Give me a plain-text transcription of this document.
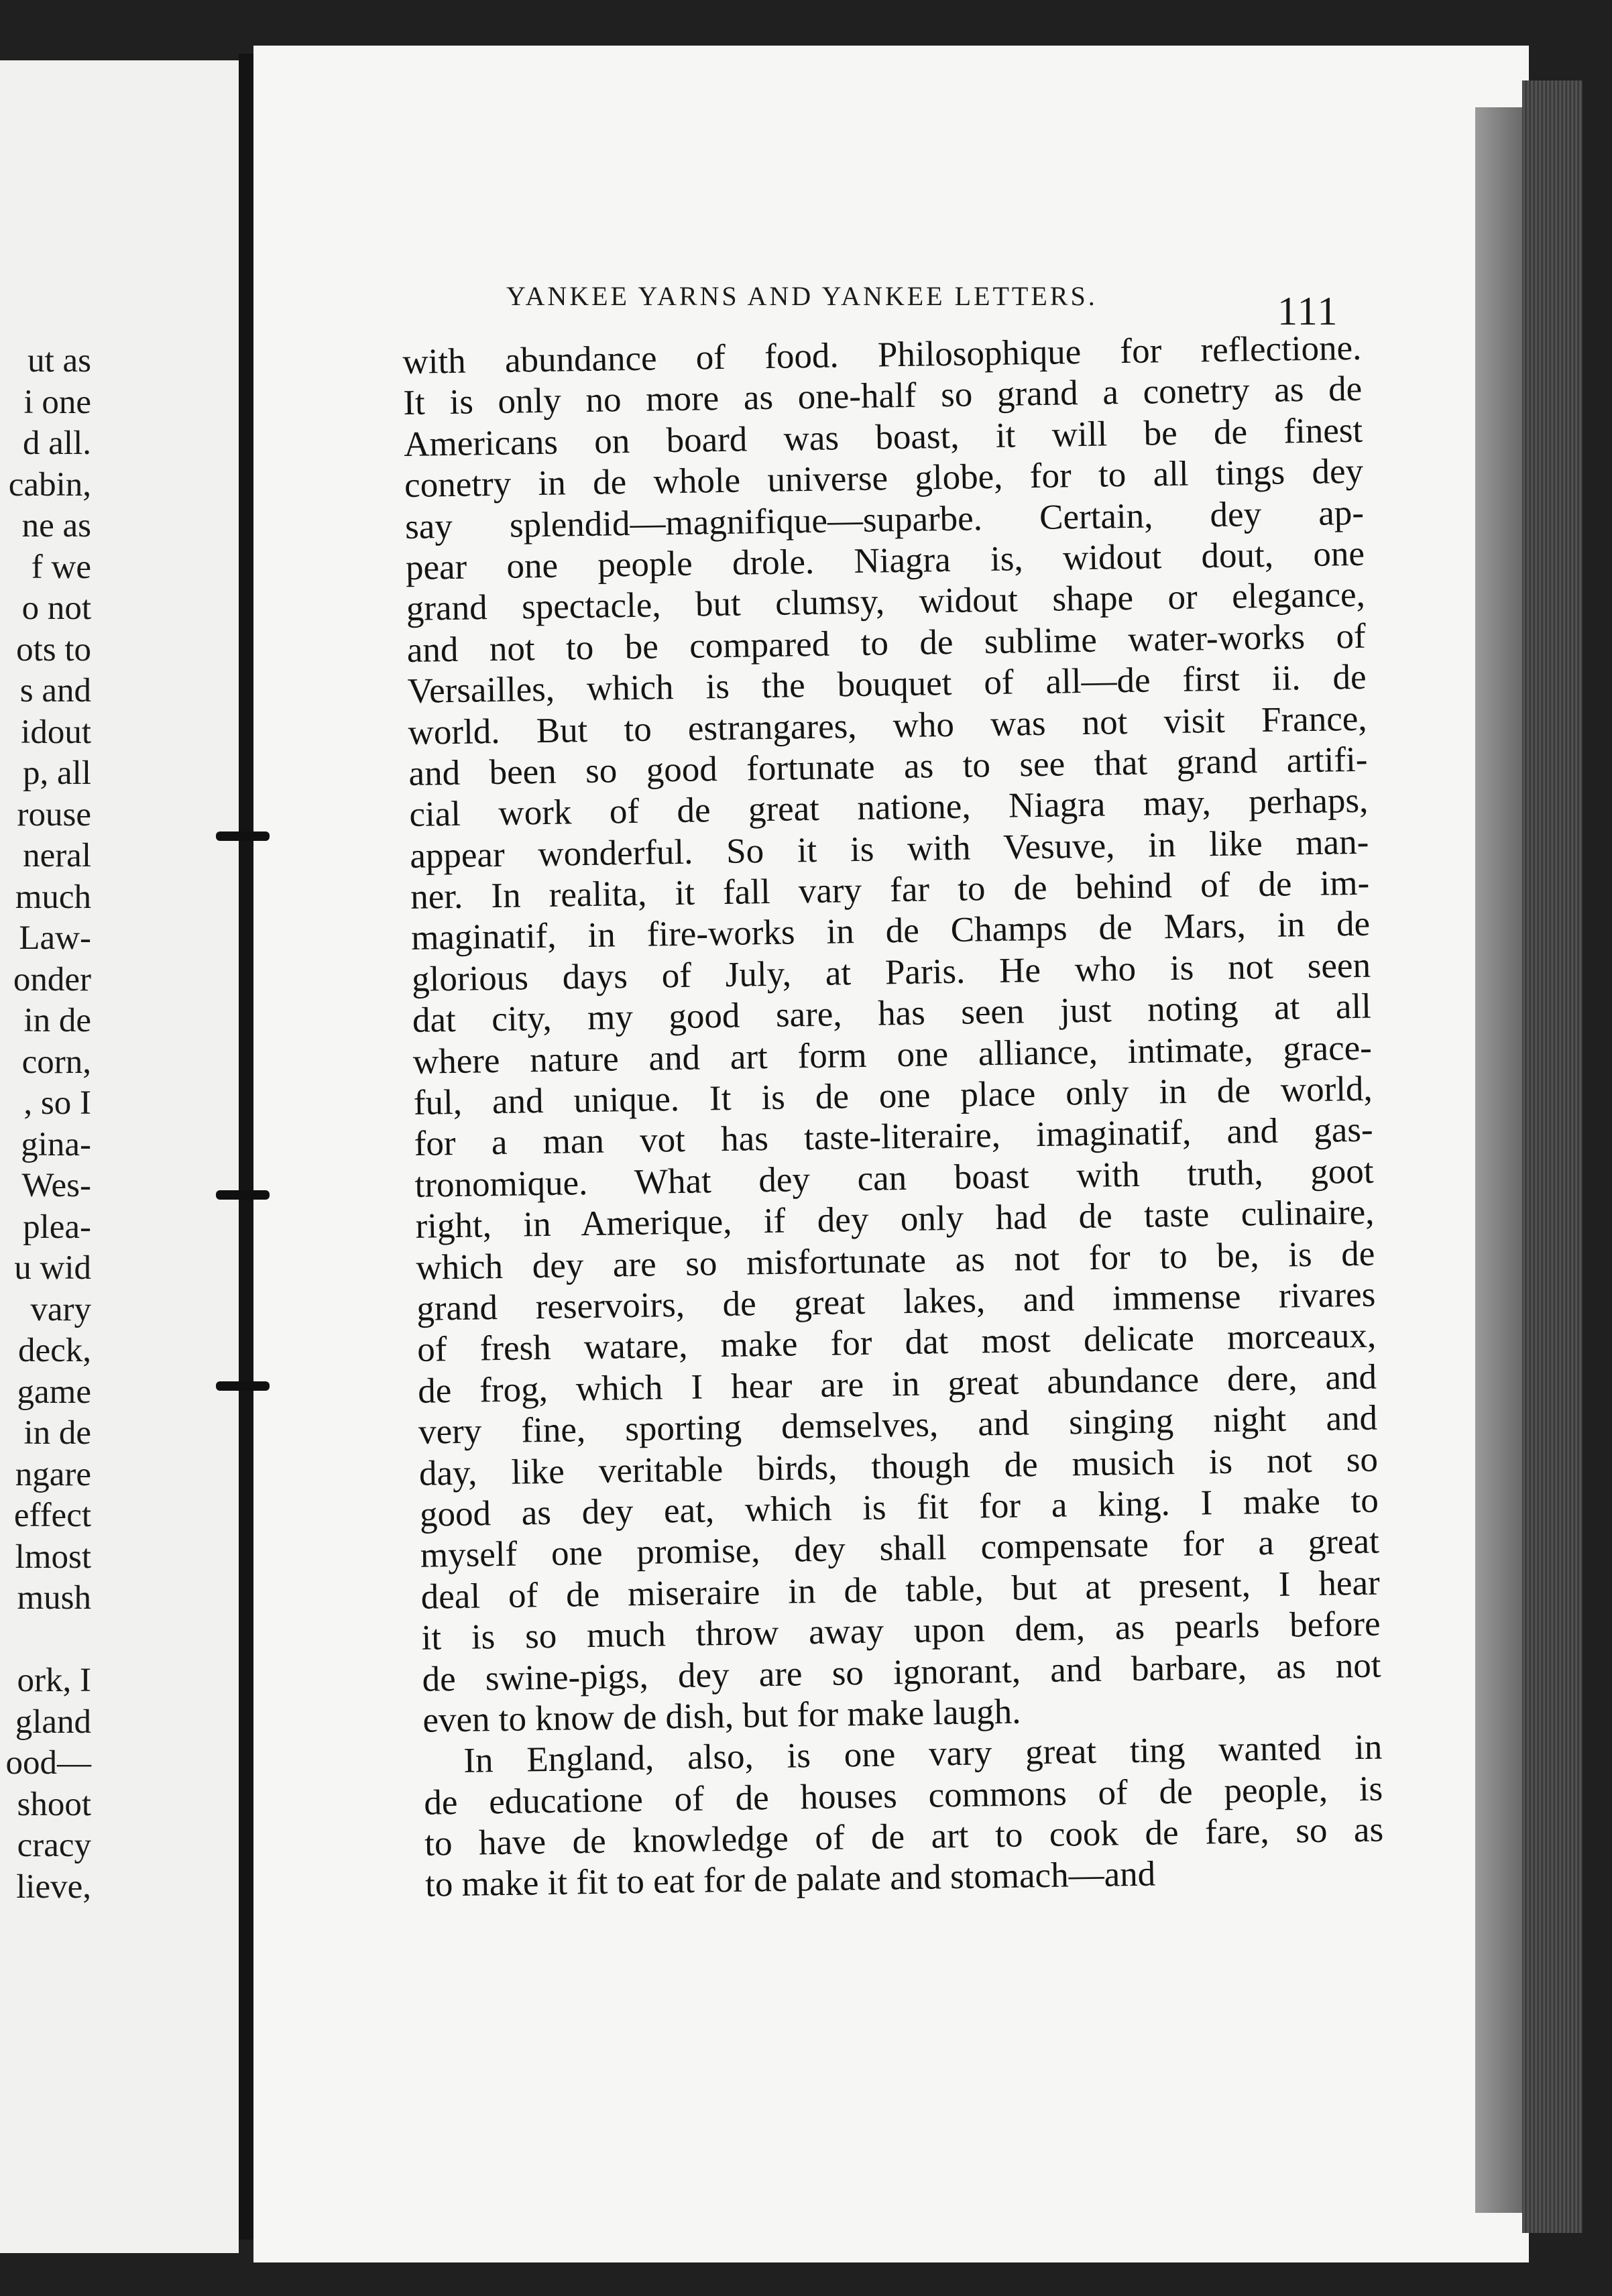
ut as
i one
d all.
cabin,
ne as
f we
o not
ots to
s and
idout
p, all
rouse
neral
much
Law-
onder
in de
corn,
, so I
gina-
Wes-
plea-
u wid
vary
deck,
game
in de
ngare
effect
lmost
mush
ork, I
gland
ood—
shoot
cracy
lieve,
YANKEE YARNS AND YANKEE LETTERS.	111
with abundance of food. Philosophique for reflectione.
It is only no more as one-half so grand a conetry as de
Americans on board was boast, it will be de finest
conetry in de whole universe globe, for to all tings dey
say splendid—magnifique—suparbe. Certain, dey ap-
pear one people drole. Niagra is, widout dout, one
grand spectacle, but clumsy, widout shape or elegance,
and not to be compared to de sublime water-works of
Versailles, which is the bouquet of all—de first ii. de
world. But to estrangares, who was not visit France,
and been so good fortunate as to see that grand artifi-
cial work of de great natione, Niagra may, perhaps,
appear wonderful. So it is with Vesuve, in like man-
ner. In realita, it fall vary far to de behind of de im-
maginatif, in fire-works in de Champs de Mars, in de
glorious days of July, at Paris. He who is not seen
dat city, my good sare, has seen just noting at all
where nature and art form one alliance, intimate, grace-
ful, and unique. It is de one place only in de world,
for a man vot has taste-literaire, imaginatif, and gas-
tronomique. What dey can boast with truth, goot
right, in Amerique, if dey only had de taste culinaire,
which dey are so misfortunate as not for to be, is de
grand reservoirs, de great lakes, and immense rivares
of fresh watare, make for dat most delicate morceaux,
de frog, which I hear are in great abundance dere, and
very fine, sporting demselves, and singing night and
day, like veritable birds, though de musich is not so
good as dey eat, which is fit for a king. I make to
myself one promise, dey shall compensate for a great
deal of de miseraire in de table, but at present, I hear
it is so much throw away upon dem, as pearls before
de swine-pigs, dey are so ignorant, and barbare, as not
even to know de dish, but for make laugh.
In England, also, is one vary great ting wanted in
de educatione of de houses commons of de people, is
to have de knowledge of de art to cook de fare, so as
to make it fit to eat for de palate and stomach—and
